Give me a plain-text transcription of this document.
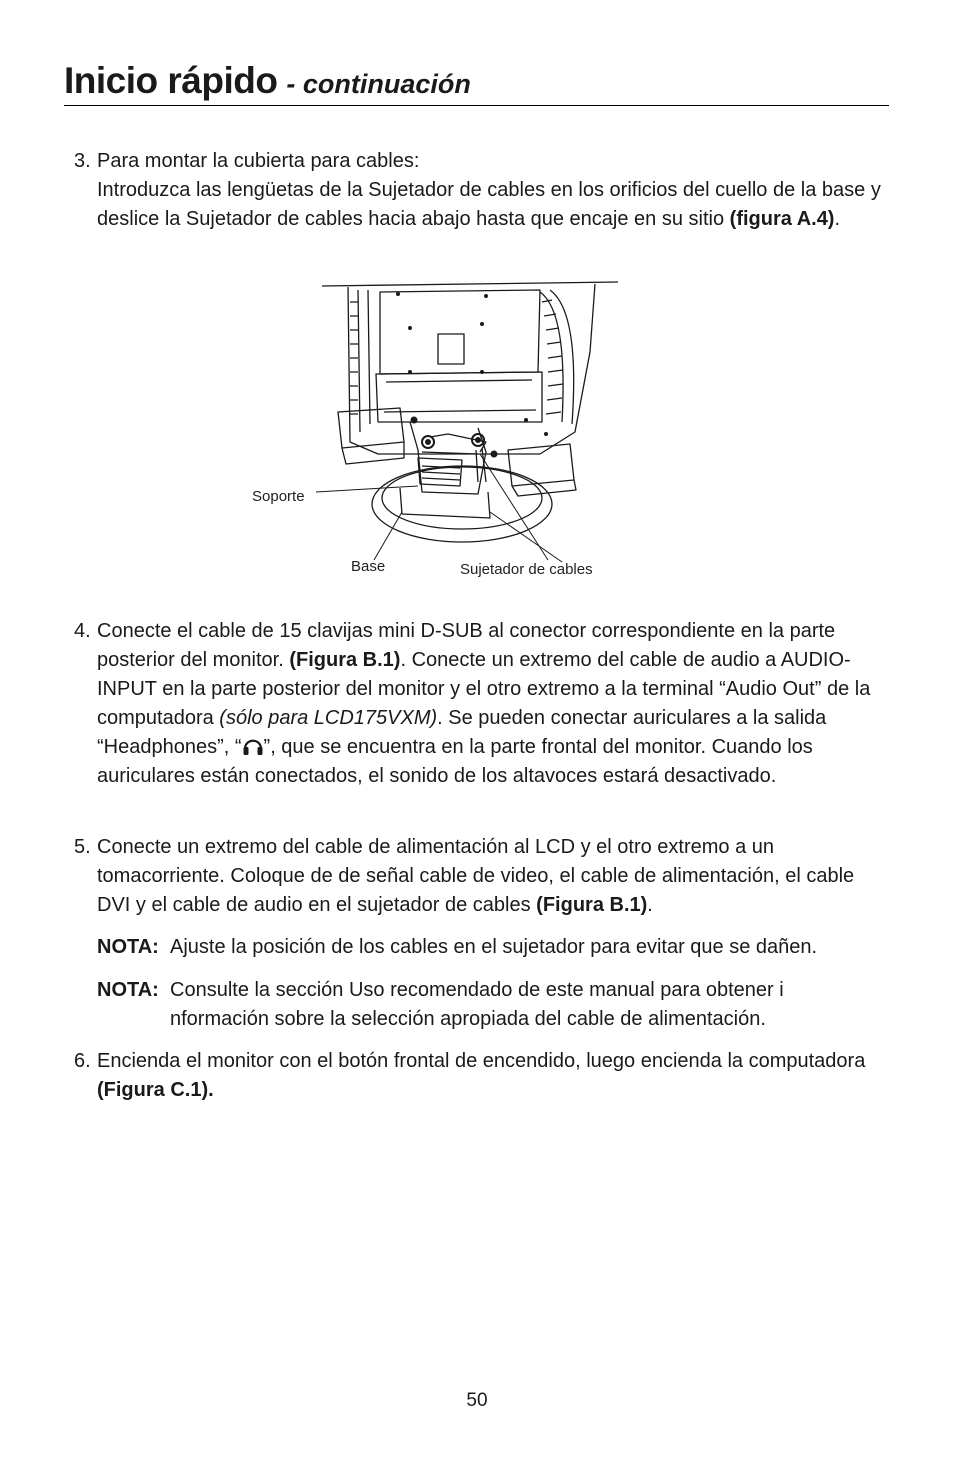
Inicio rápido - continuación
3. Para montar la cubierta para cables:
Introduzca las lengüetas de la Sujetador de cables en los orificios del cuello de la base y deslice la Sujetador de cables hacia abajo hasta que encaje en su sitio (figura A.4).
Soporte
Base	Sujetador de cables
4. Conecte el cable de 15 clavijas mini D-SUB al conector correspondiente en la parte posterior del monitor. (Figura B.1). Conecte un extremo del cable de audio a AUDIO-INPUT en la parte posterior del monitor y el otro extremo a la terminal “Audio Out” de la computadora (sólo para LCD175VXM). Se pueden conectar auriculares a la salida “Headphones”, “ ”, que se encuentra en la parte frontal del monitor. Cuando los auriculares están conectados, el sonido de los altavoces estará desactivado.
5. Conecte un extremo del cable de alimentación al LCD y el otro extremo a un tomacorriente. Coloque de de señal cable de video, el cable de alimentación, el cable DVI y el cable de audio en el sujetador de cables (Figura B.1).
NOTA: Ajuste la posición de los cables en el sujetador para evitar que se dañen.
NOTA: Consulte la sección Uso recomendado de este manual para obtener i nformación sobre la selección apropiada del cable de alimentación.
6. Encienda el monitor con el botón frontal de encendido, luego encienda la computadora (Figura C.1).
50
